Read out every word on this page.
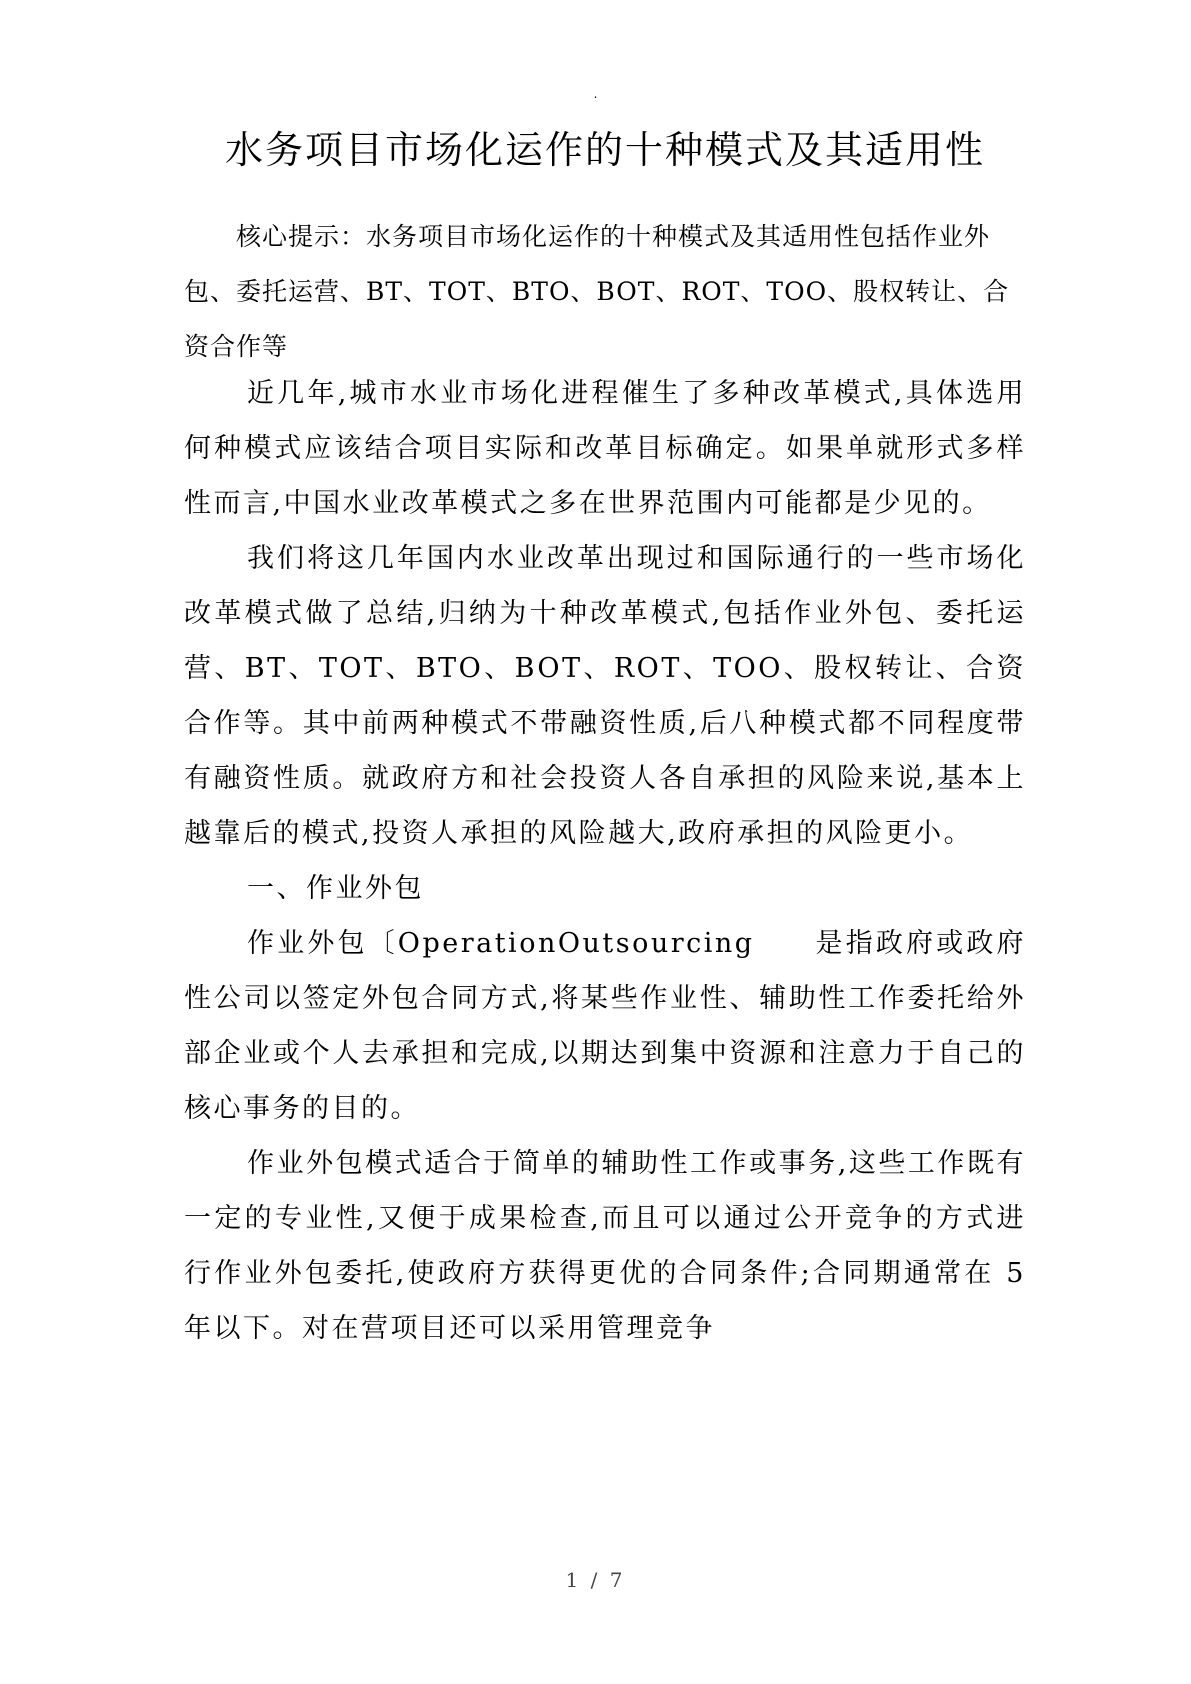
.
水务项目市场化运作的十种模式及其适用性

核心提示：水务项目市场化运作的十种模式及其适用性包括作业外包、委托运营、BT、TOT、BTO、BOT、ROT、TOO、股权转让、合资合作等

近几年,城市水业市场化进程催生了多种改革模式,具体选用何种模式应该结合项目实际和改革目标确定。如果单就形式多样性而言,中国水业改革模式之多在世界范围内可能都是少见的。

我们将这几年国内水业改革出现过和国际通行的一些市场化改革模式做了总结,归纳为十种改革模式,包括作业外包、委托运营、BT、TOT、BTO、BOT、ROT、TOO、股权转让、合资合作等。其中前两种模式不带融资性质,后八种模式都不同程度带有融资性质。就政府方和社会投资人各自承担的风险来说,基本上越靠后的模式,投资人承担的风险越大,政府承担的风险更小。

一、作业外包

作业外包〔OperationOutsourcing　　是指政府或政府性公司以签定外包合同方式,将某些作业性、辅助性工作委托给外部企业或个人去承担和完成,以期达到集中资源和注意力于自己的核心事务的目的。

作业外包模式适合于简单的辅助性工作或事务,这些工作既有一定的专业性,又便于成果检查,而且可以通过公开竞争的方式进行作业外包委托,使政府方获得更优的合同条件;合同期通常在 5 年以下。对在营项目还可以采用管理竞争

1 / 7
